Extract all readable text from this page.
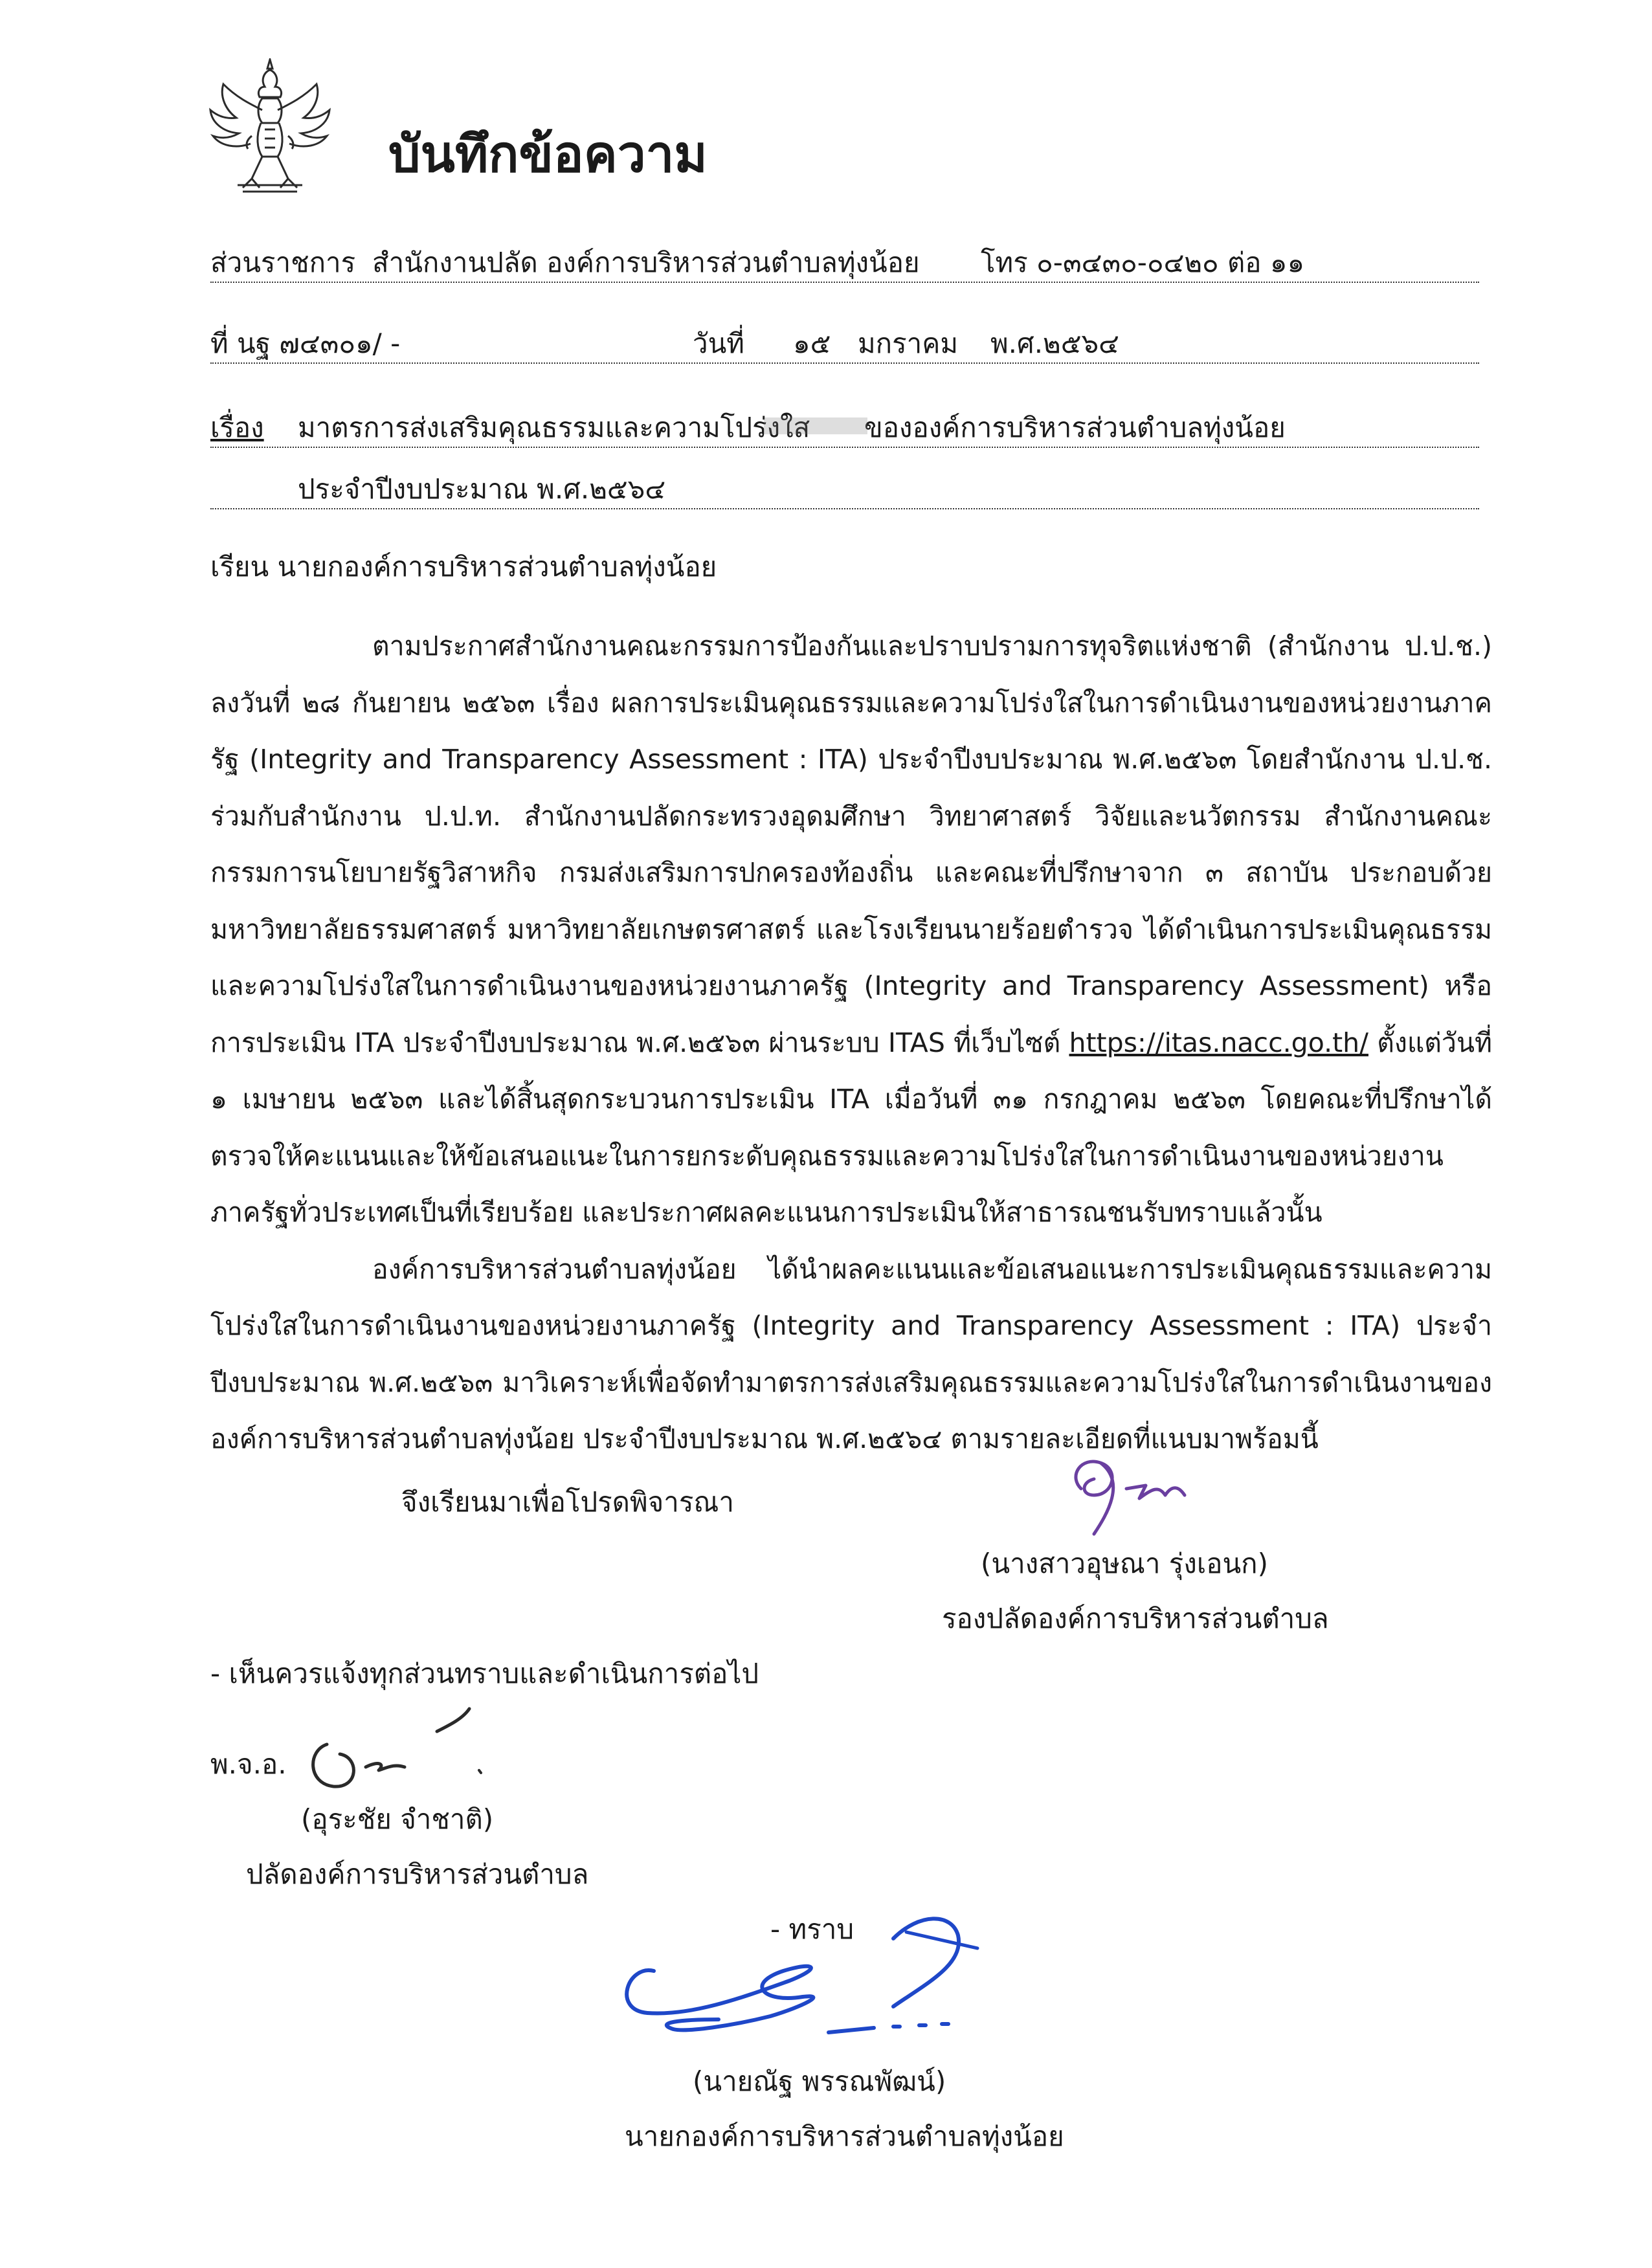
บันทึกข้อความ
ส่วนราชการ สำนักงานปลัด องค์การบริหารส่วนตำบลทุ่งน้อย โทร ๐-๓๔๓๐-๐๔๒๐ ต่อ ๑๑
ที่ นฐ ๗๔๓๐๑/ -	วันที่ ๑๕ มกราคม พ.ศ.๒๕๖๔
เรื่อง มาตรการส่งเสริมคุณธรรมและความโปร่งใส ขององค์การบริหารส่วนตำบลทุ่งน้อย
ประจำปีงบประมาณ พ.ศ.๒๕๖๔
เรียน นายกองค์การบริหารส่วนตำบลทุ่งน้อย

ตามประกาศสำนักงานคณะกรรมการป้องกันและปราบปรามการทุจริตแห่งชาติ (สำนักงาน ป.ป.ช.) ลงวันที่ ๒๘ กันยายน ๒๕๖๓ เรื่อง ผลการประเมินคุณธรรมและความโปร่งใสในการดำเนินงานของหน่วยงานภาครัฐ (Integrity and Transparency Assessment : ITA) ประจำปีงบประมาณ พ.ศ.๒๕๖๓ โดยสำนักงาน ป.ป.ช. ร่วมกับสำนักงาน ป.ป.ท. สำนักงานปลัดกระทรวงอุดมศึกษา วิทยาศาสตร์ วิจัยและนวัตกรรม สำนักงานคณะกรรมการนโยบายรัฐวิสาหกิจ กรมส่งเสริมการปกครองท้องถิ่น และคณะที่ปรึกษาจาก ๓ สถาบัน ประกอบด้วย มหาวิทยาลัยธรรมศาสตร์ มหาวิทยาลัยเกษตรศาสตร์ และโรงเรียนนายร้อยตำรวจ ได้ดำเนินการประเมินคุณธรรมและความโปร่งใสในการดำเนินงานของหน่วยงานภาครัฐ (Integrity and Transparency Assessment) หรือการประเมิน ITA ประจำปีงบประมาณ พ.ศ.๒๕๖๓ ผ่านระบบ ITAS ที่เว็บไซต์ https://itas.nacc.go.th/ ตั้งแต่วันที่ ๑ เมษายน ๒๕๖๓ และได้สิ้นสุดกระบวนการประเมิน ITA เมื่อวันที่ ๓๑ กรกฎาคม ๒๕๖๓ โดยคณะที่ปรึกษาได้ตรวจให้คะแนนและให้ข้อเสนอแนะในการยกระดับคุณธรรมและความโปร่งใสในการดำเนินงานของหน่วยงานภาครัฐทั่วประเทศเป็นที่เรียบร้อย และประกาศผลคะแนนการประเมินให้สาธารณชนรับทราบแล้วนั้น

องค์การบริหารส่วนตำบลทุ่งน้อย ได้นำผลคะแนนและข้อเสนอแนะการประเมินคุณธรรมและความโปร่งใสในการดำเนินงานของหน่วยงานภาครัฐ (Integrity and Transparency Assessment : ITA) ประจำปีงบประมาณ พ.ศ.๒๕๖๓ มาวิเคราะห์เพื่อจัดทำมาตรการส่งเสริมคุณธรรมและความโปร่งใสในการดำเนินงานขององค์การบริหารส่วนตำบลทุ่งน้อย ประจำปีงบประมาณ พ.ศ.๒๕๖๔ ตามรายละเอียดที่แนบมาพร้อมนี้

จึงเรียนมาเพื่อโปรดพิจารณา
(นางสาวอุษณา รุ่งเอนก)
รองปลัดองค์การบริหารส่วนตำบล
- เห็นควรแจ้งทุกส่วนทราบและดำเนินการต่อไป
พ.จ.อ.
(อุระชัย จำชาติ)
ปลัดองค์การบริหารส่วนตำบล
- ทราบ
(นายณัฐ พรรณพัฒน์)
นายกองค์การบริหารส่วนตำบลทุ่งน้อย
